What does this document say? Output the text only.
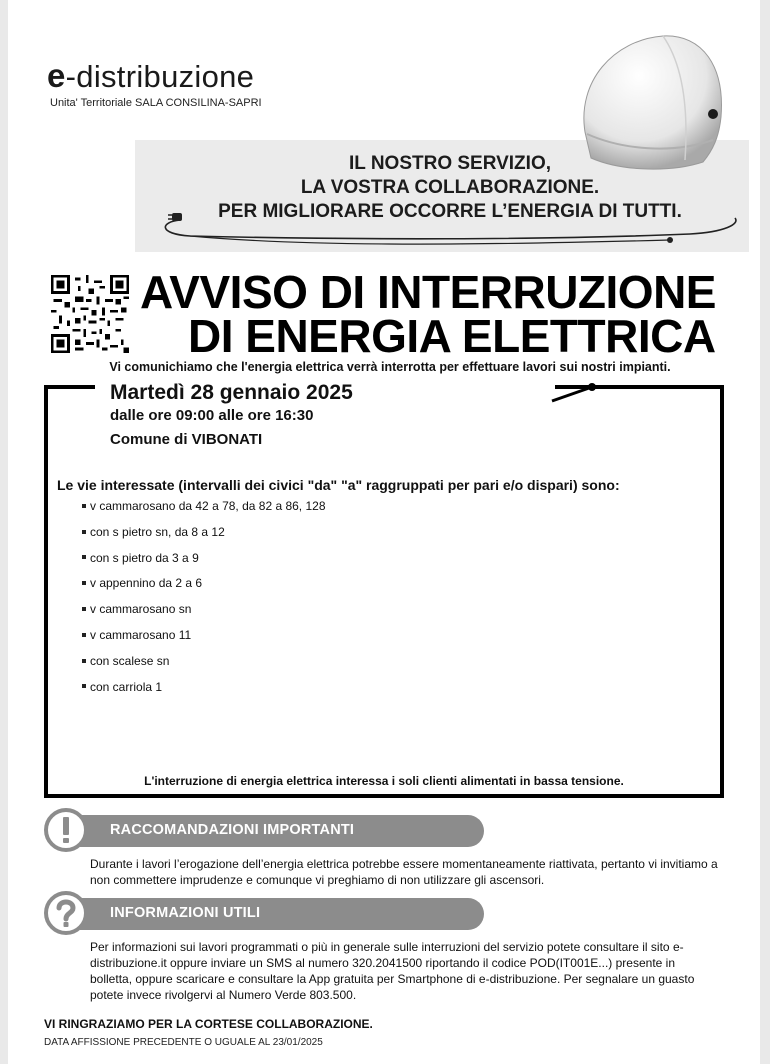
e-distribuzione
Unita' Territoriale SALA CONSILINA-SAPRI
IL NOSTRO SERVIZIO,
LA VOSTRA COLLABORAZIONE.
PER MIGLIORARE OCCORRE L’ENERGIA DI TUTTI.
AVVISO DI INTERRUZIONE
DI ENERGIA ELETTRICA
Vi comunichiamo che l'energia elettrica verrà interrotta per effettuare lavori sui nostri impianti.
Martedì 28 gennaio 2025
dalle ore 09:00 alle ore 16:30
Comune di VIBONATI
Le vie interessate (intervalli dei civici "da" "a" raggruppati per pari e/o dispari) sono:
v cammarosano da 42 a 78, da 82 a 86, 128
con s pietro sn, da 8 a 12
con s pietro da 3 a 9
v appennino da 2 a 6
v cammarosano sn
v cammarosano 11
con scalese sn
con carriola 1
L'interruzione di energia elettrica interessa i soli clienti alimentati in bassa tensione.
RACCOMANDAZIONI IMPORTANTI
Durante i lavori l’erogazione dell’energia elettrica potrebbe essere momentaneamente riattivata, pertanto vi invitiamo a non commettere imprudenze e comunque vi preghiamo di non utilizzare gli ascensori.
INFORMAZIONI UTILI
Per informazioni sui lavori programmati o più in generale sulle interruzioni del servizio potete consultare il sito e-distribuzione.it oppure inviare un SMS al numero 320.2041500 riportando il codice POD(IT001E...) presente in bolletta, oppure scaricare e consultare la App gratuita per Smartphone di e-distribuzione. Per segnalare un guasto potete invece rivolgervi al Numero Verde 803.500.
VI RINGRAZIAMO PER LA CORTESE COLLABORAZIONE.
DATA AFFISSIONE PRECEDENTE O UGUALE AL 23/01/2025
